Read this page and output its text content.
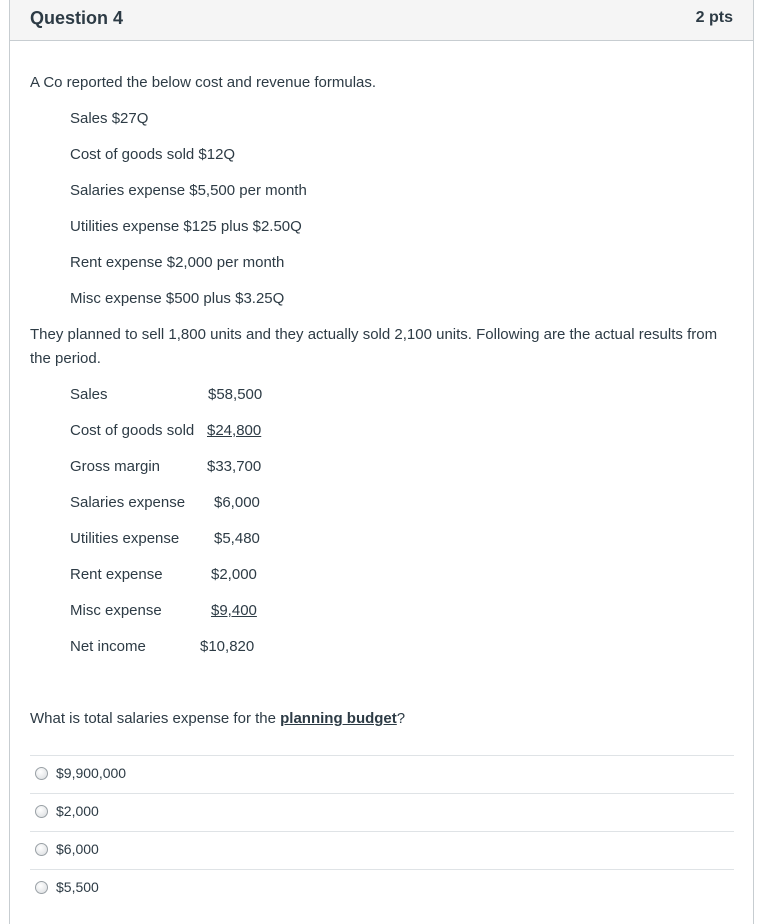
Question 4	2 pts
A Co reported the below cost and revenue formulas.
Sales $27Q
Cost of goods sold $12Q
Salaries expense $5,500 per month
Utilities expense $125 plus $2.50Q
Rent expense $2,000 per month
Misc expense $500 plus $3.25Q
They planned to sell 1,800 units and they actually sold 2,100 units. Following are the actual results from the period.
Sales	$58,500
Cost of goods sold $24,800
Gross margin	$33,700
Salaries expense $6,000
Utilities expense $5,480
Rent expense	$2,000
Misc expense	$9,400
Net income	$10,820
What is total salaries expense for the planning budget?
$9,900,000
$2,000
$6,000
$5,500
